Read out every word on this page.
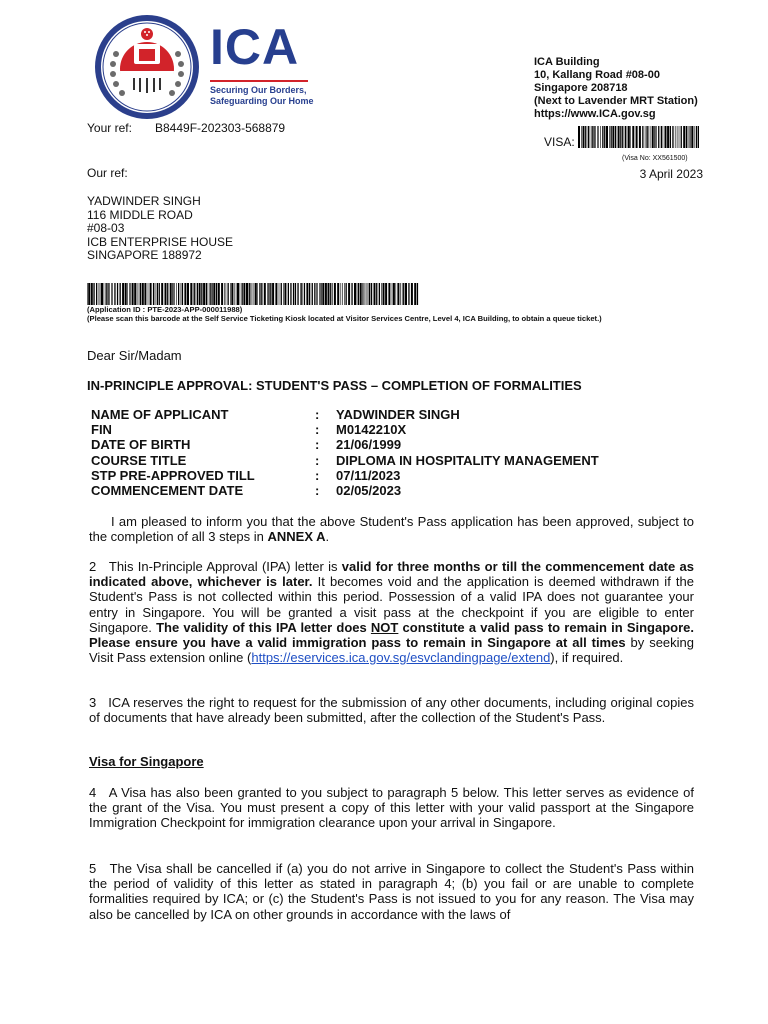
ICA
Securing Our Borders,
Safeguarding Our Home
ICA Building
10, Kallang Road #08-00
Singapore 208718
(Next to Lavender MRT Station)
https://www.ICA.gov.sg
VISA:
(Visa No: XX561500)
Your ref: B8449F-202303-568879
Our ref:	3 April 2023
YADWINDER SINGH
116 MIDDLE ROAD
#08-03
ICB ENTERPRISE HOUSE
SINGAPORE 188972
(Application ID : PTE-2023-APP-000011988)
(Please scan this barcode at the Self Service Ticketing Kiosk located at Visitor Services Centre, Level 4, ICA Building, to obtain a queue ticket.)
Dear Sir/Madam
IN-PRINCIPLE APPROVAL: STUDENT'S PASS – COMPLETION OF FORMALITIES
NAME OF APPLICANT	: YADWINDER SINGH
FIN	: M0142210X
DATE OF BIRTH	: 21/06/1999
COURSE TITLE	: DIPLOMA IN HOSPITALITY MANAGEMENT
STP PRE-APPROVED TILL	: 07/11/2023
COMMENCEMENT DATE	: 02/05/2023
I am pleased to inform you that the above Student's Pass application has been approved, subject to the completion of all 3 steps in ANNEX A.
2 This In-Principle Approval (IPA) letter is valid for three months or till the commencement date as indicated above, whichever is later. It becomes void and the application is deemed withdrawn if the Student's Pass is not collected within this period. Possession of a valid IPA does not guarantee your entry in Singapore. You will be granted a visit pass at the checkpoint if you are eligible to enter Singapore. The validity of this IPA letter does NOT constitute a valid pass to remain in Singapore. Please ensure you have a valid immigration pass to remain in Singapore at all times by seeking Visit Pass extension online (https://eservices.ica.gov.sg/esvclandingpage/extend), if required.
3 ICA reserves the right to request for the submission of any other documents, including original copies of documents that have already been submitted, after the collection of the Student's Pass.
Visa for Singapore
4 A Visa has also been granted to you subject to paragraph 5 below. This letter serves as evidence of the grant of the Visa. You must present a copy of this letter with your valid passport at the Singapore Immigration Checkpoint for immigration clearance upon your arrival in Singapore.
5 The Visa shall be cancelled if (a) you do not arrive in Singapore to collect the Student's Pass within the period of validity of this letter as stated in paragraph 4; (b) you fail or are unable to complete formalities required by ICA; or (c) the Student's Pass is not issued to you for any reason. The Visa may also be cancelled by ICA on other grounds in accordance with the laws of
